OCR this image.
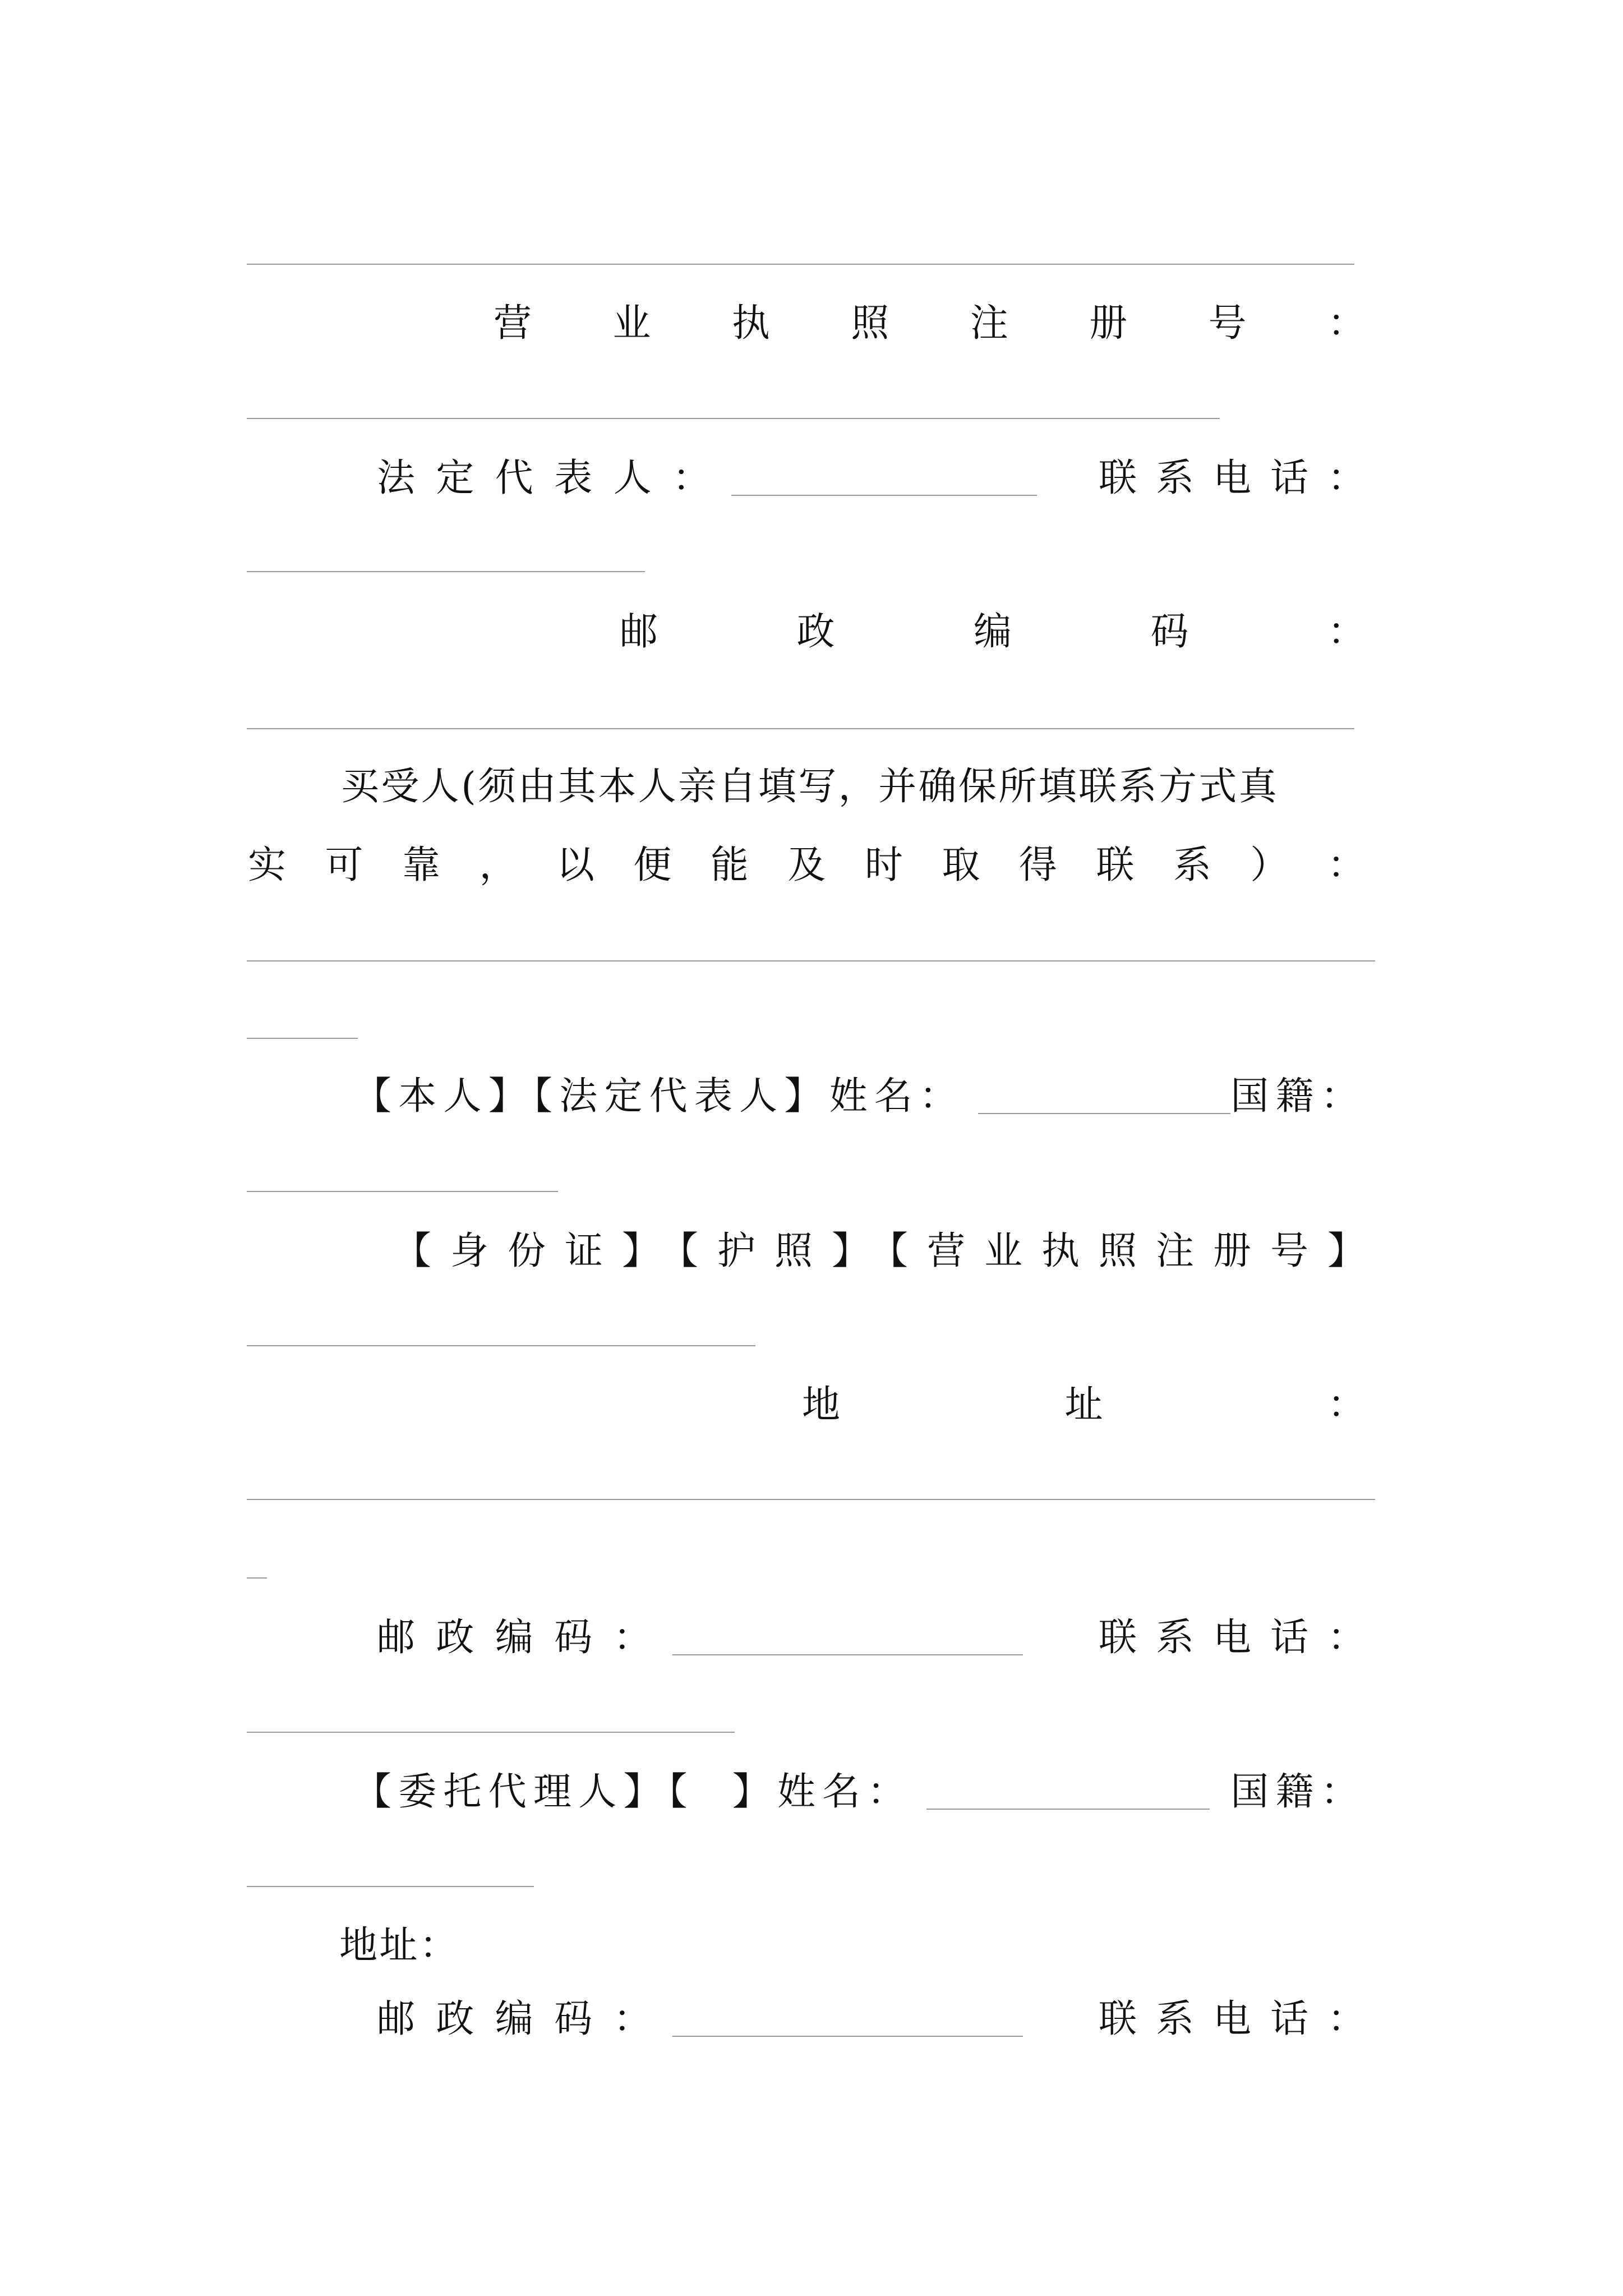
营 业 执 照 注 册 号 ：
法定代表人：	联系电话：
邮	政	编	码	：
买受人(须由其本人亲自填写，并确保所填联系方式真
实 可 靠 ， 以 便 能 及 时 取 得 联 系 ） ：
【本人】【法定代表人】姓名：	国籍：
【身份证】【护照】【营业执照注册号】
地	址	：
邮政编码：	联系电话：
【委托代理人】【  】姓名：	国籍：
地址：
邮政编码：	联系电话：
